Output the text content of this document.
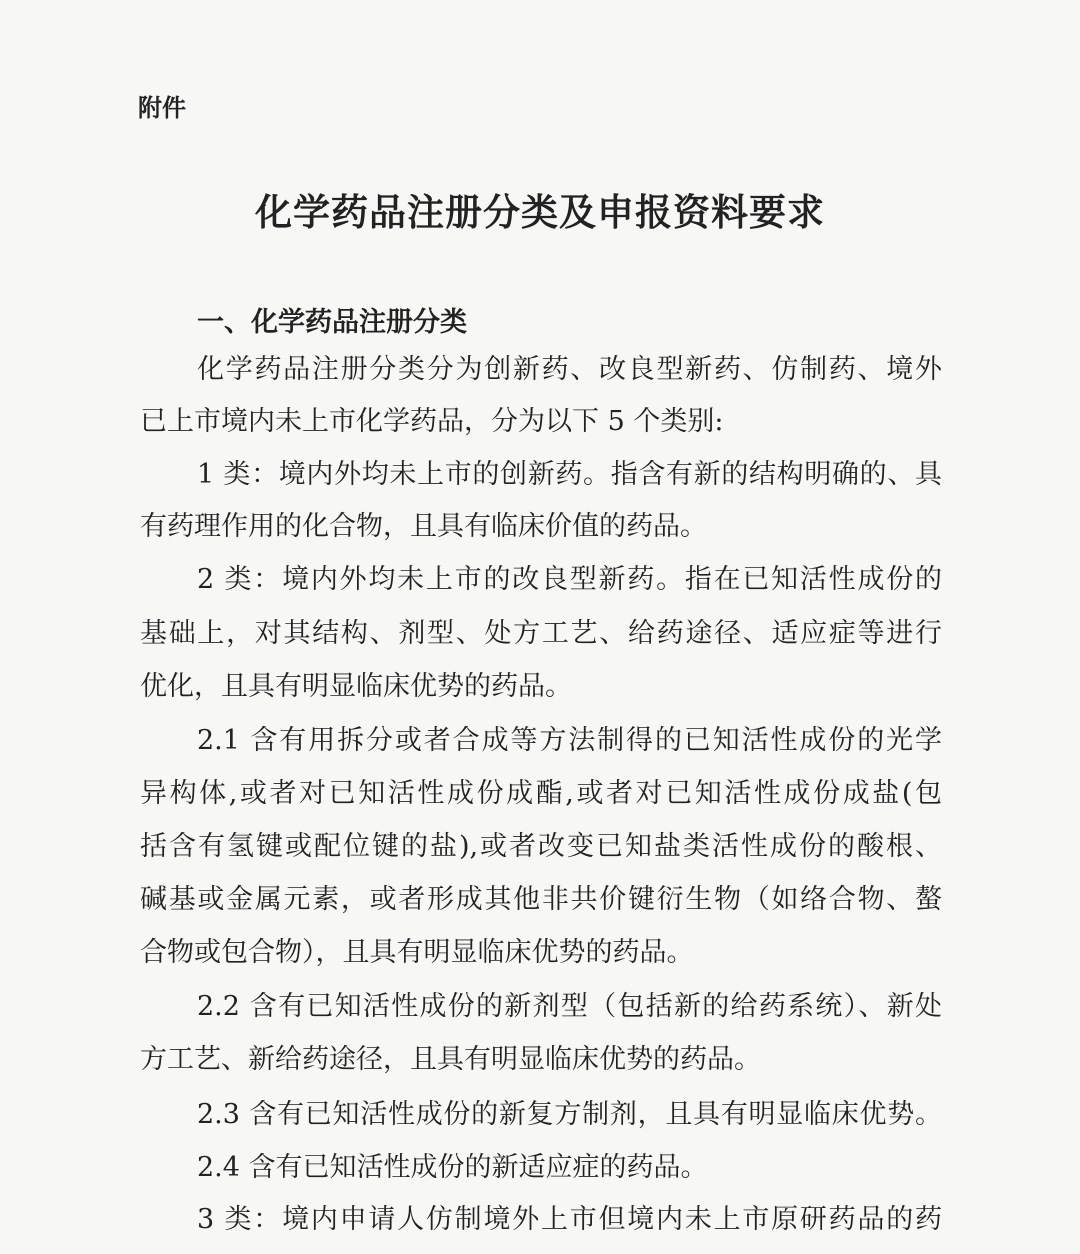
附件
化学药品注册分类及申报资料要求
一、化学药品注册分类
化学药品注册分类分为创新药、改良型新药、仿制药、境外
已上市境内未上市化学药品，分为以下 5 个类别:
1 类：境内外均未上市的创新药。指含有新的结构明确的、具
有药理作用的化合物，且具有临床价值的药品。
2 类：境内外均未上市的改良型新药。指在已知活性成份的
基础上，对其结构、剂型、处方工艺、给药途径、适应症等进行
优化，且具有明显临床优势的药品。
2.1 含有用拆分或者合成等方法制得的已知活性成份的光学
异构体,或者对已知活性成份成酯,或者对已知活性成份成盐(包
括含有氢键或配位键的盐),或者改变已知盐类活性成份的酸根、
碱基或金属元素，或者形成其他非共价键衍生物（如络合物、螯
合物或包合物），且具有明显临床优势的药品。
2.2 含有已知活性成份的新剂型（包括新的给药系统）、新处
方工艺、新给药途径，且具有明显临床优势的药品。
2.3 含有已知活性成份的新复方制剂，且具有明显临床优势。
2.4 含有已知活性成份的新适应症的药品。
3 类：境内申请人仿制境外上市但境内未上市原研药品的药
